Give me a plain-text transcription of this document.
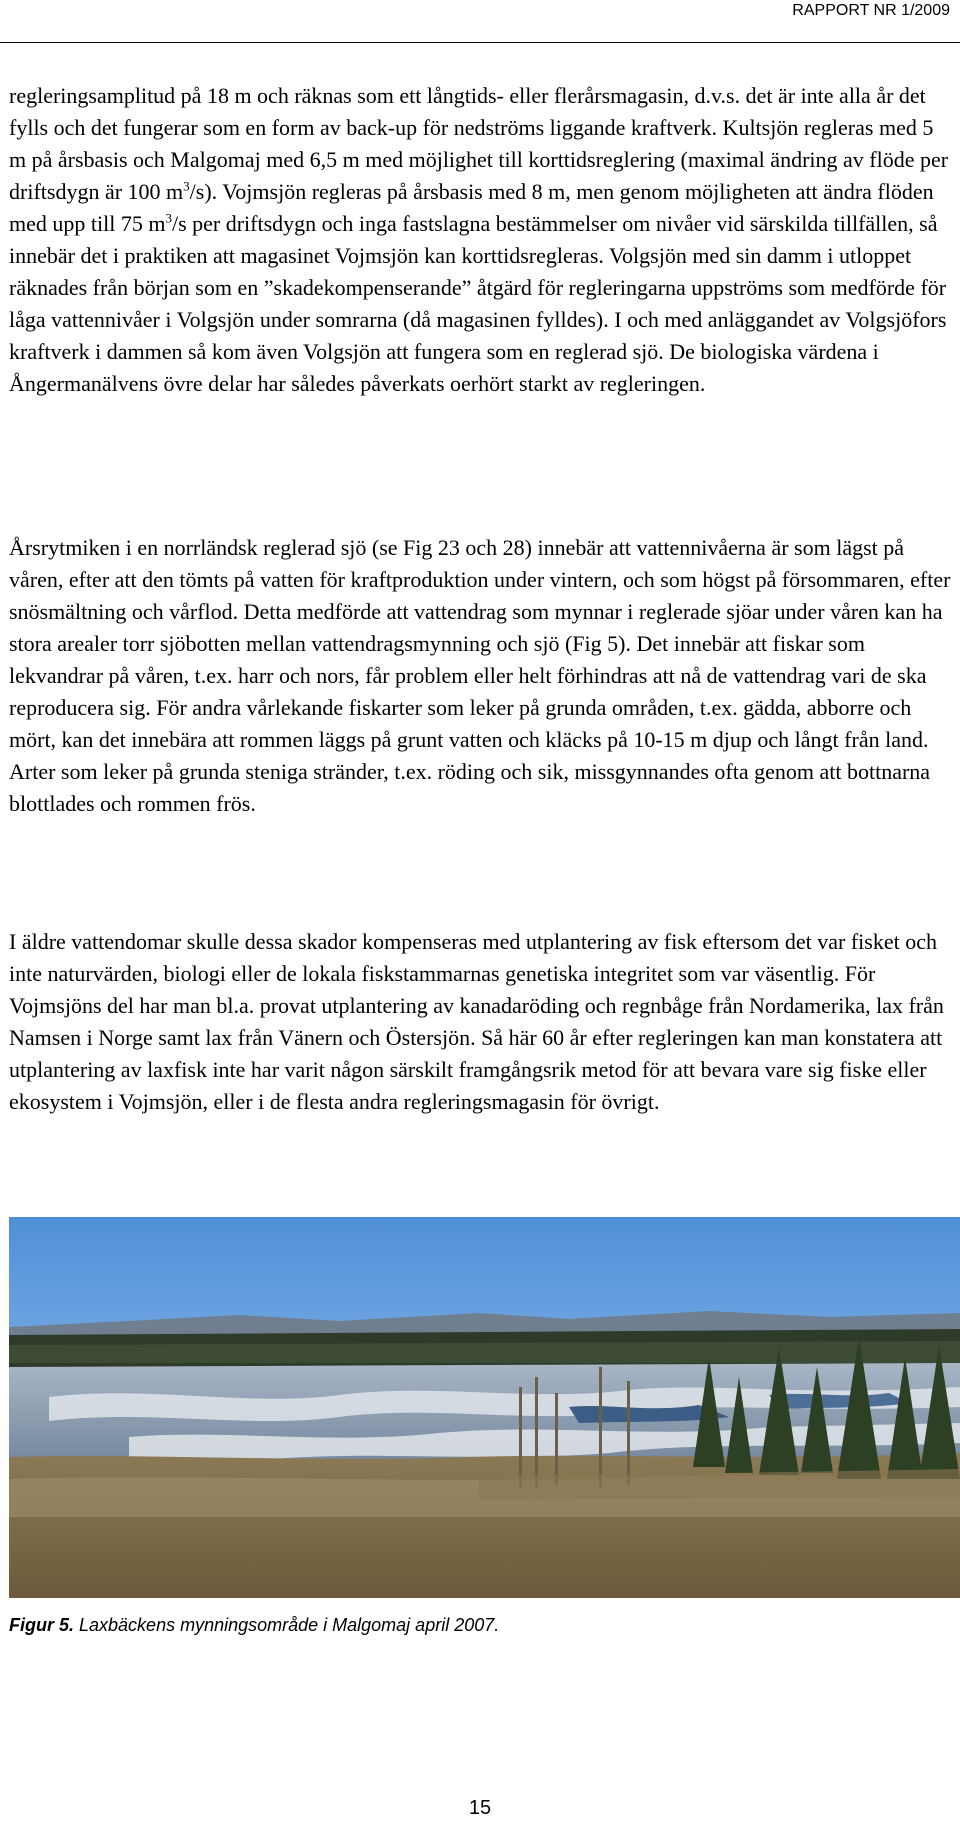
RAPPORT NR 1/2009

regleringsamplitud på 18 m och räknas som ett långtids- eller flerårsmagasin, d.v.s. det är inte alla år det fylls och det fungerar som en form av back-up för nedströms liggande kraftverk. Kultsjön regleras med 5 m på årsbasis och Malgomaj med 6,5 m med möjlighet till korttidsreglering (maximal ändring av flöde per driftsdygn är 100 $m^3/s$). Vojmsjön regleras på årsbasis med 8 m, men genom möjligheten att ändra flöden med upp till 75 $m^3/s$ per driftsdygn och inga fastslagna bestämmelser om nivåer vid särskilda tillfällen, så innebär det i praktiken att magasinet Vojmsjön kan korttidsregleras. Volgsjön med sin damm i utloppet räknades från början som en ”skadekompenserande” åtgärd för regleringarna uppströms som medförde för låga vattennivåer i Volgsjön under somrarna (då magasinen fylldes). I och med anläggandet av Volgsjöfors kraftverk i dammen så kom även Volgsjön att fungera som en reglerad sjö. De biologiska värdena i Ångermanälvens övre delar har således påverkats oerhört starkt av regleringen.

Årsrytmiken i en norrländsk reglerad sjö (se Fig 23 och 28) innebär att vattennivåerna är som lägst på våren, efter att den tömts på vatten för kraftproduktion under vintern, och som högst på försommaren, efter snösmältning och vårflod. Detta medförde att vattendrag som mynnar i reglerade sjöar under våren kan ha stora arealer torr sjöbotten mellan vattendragsmynning och sjö (Fig 5). Det innebär att fiskar som lekvandrar på våren, t.ex. harr och nors, får problem eller helt förhindras att nå de vattendrag vari de ska reproducera sig. För andra vårlekande fiskarter som leker på grunda områden, t.ex. gädda, abborre och mört, kan det innebära att rommen läggs på grunt vatten och kläcks på 10-15 m djup och långt från land. Arter som leker på grunda steniga stränder, t.ex. röding och sik, missgynnandes ofta genom att bottnarna blottlades och rommen frös.

I äldre vattendomar skulle dessa skador kompenseras med utplantering av fisk eftersom det var fisket och inte naturvärden, biologi eller de lokala fiskstammarnas genetiska integritet som var väsentlig. För Vojmsjöns del har man bl.a. provat utplantering av kanadaröding och regnbåge från Nordamerika, lax från Namsen i Norge samt lax från Vänern och Östersjön. Så här 60 år efter regleringen kan man konstatera att utplantering av laxfisk inte har varit någon särskilt framgångsrik metod för att bevara vare sig fiske eller ekosystem i Vojmsjön, eller i de flesta andra regleringsmagasin för övrigt.

Figur 5. Laxbäckens mynningsområde i Malgomaj april 2007.
15
